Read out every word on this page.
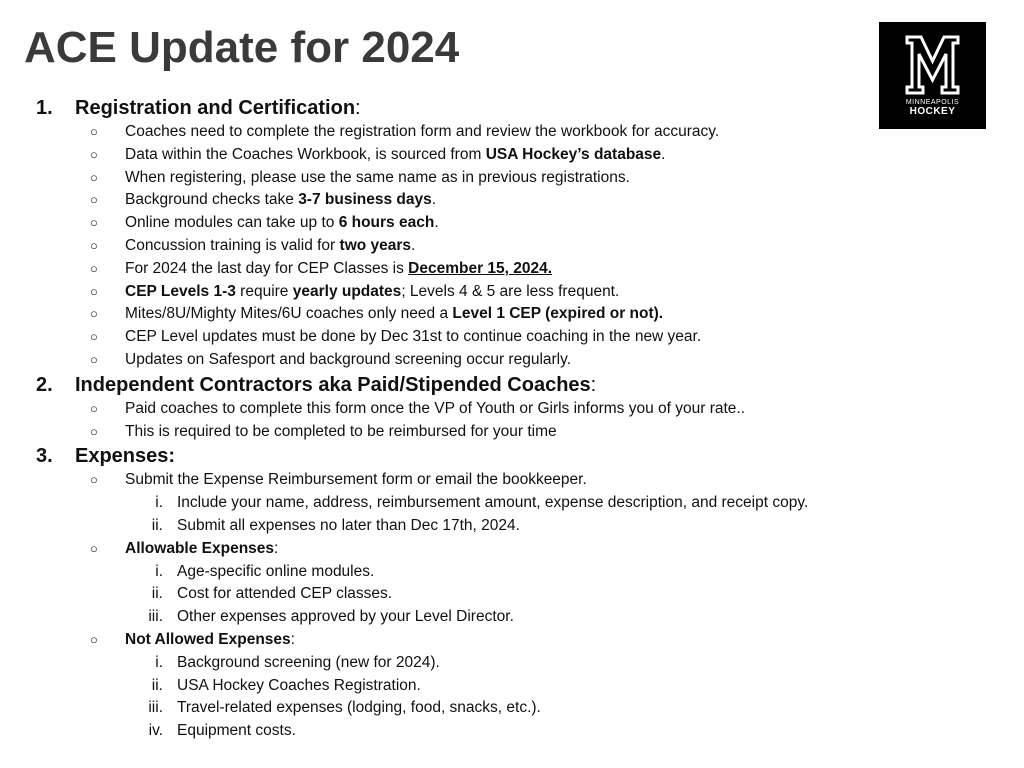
ACE Update for 2024
MINNEAPOLIS
HOCKEY
1. Registration and Certification:
○ Coaches need to complete the registration form and review the workbook for accuracy.
○ Data within the Coaches Workbook, is sourced from USA Hockey’s database.
○ When registering, please use the same name as in previous registrations.
○ Background checks take 3-7 business days.
○ Online modules can take up to 6 hours each.
○ Concussion training is valid for two years.
○ For 2024 the last day for CEP Classes is December 15, 2024.
○ CEP Levels 1-3 require yearly updates; Levels 4 & 5 are less frequent.
○ Mites/8U/Mighty Mites/6U coaches only need a Level 1 CEP (expired or not).
○ CEP Level updates must be done by Dec 31st to continue coaching in the new year.
○ Updates on Safesport and background screening occur regularly.
2. Independent Contractors aka Paid/Stipended Coaches:
○ Paid coaches to complete this form once the VP of Youth or Girls informs you of your rate..
○ This is required to be completed to be reimbursed for your time
3. Expenses:
○ Submit the Expense Reimbursement form or email the bookkeeper.
i. Include your name, address, reimbursement amount, expense description, and receipt copy.
ii. Submit all expenses no later than Dec 17th, 2024.
○ Allowable Expenses:
i. Age-specific online modules.
ii. Cost for attended CEP classes.
iii. Other expenses approved by your Level Director.
○ Not Allowed Expenses:
i. Background screening (new for 2024).
ii. USA Hockey Coaches Registration.
iii. Travel-related expenses (lodging, food, snacks, etc.).
iv. Equipment costs.
